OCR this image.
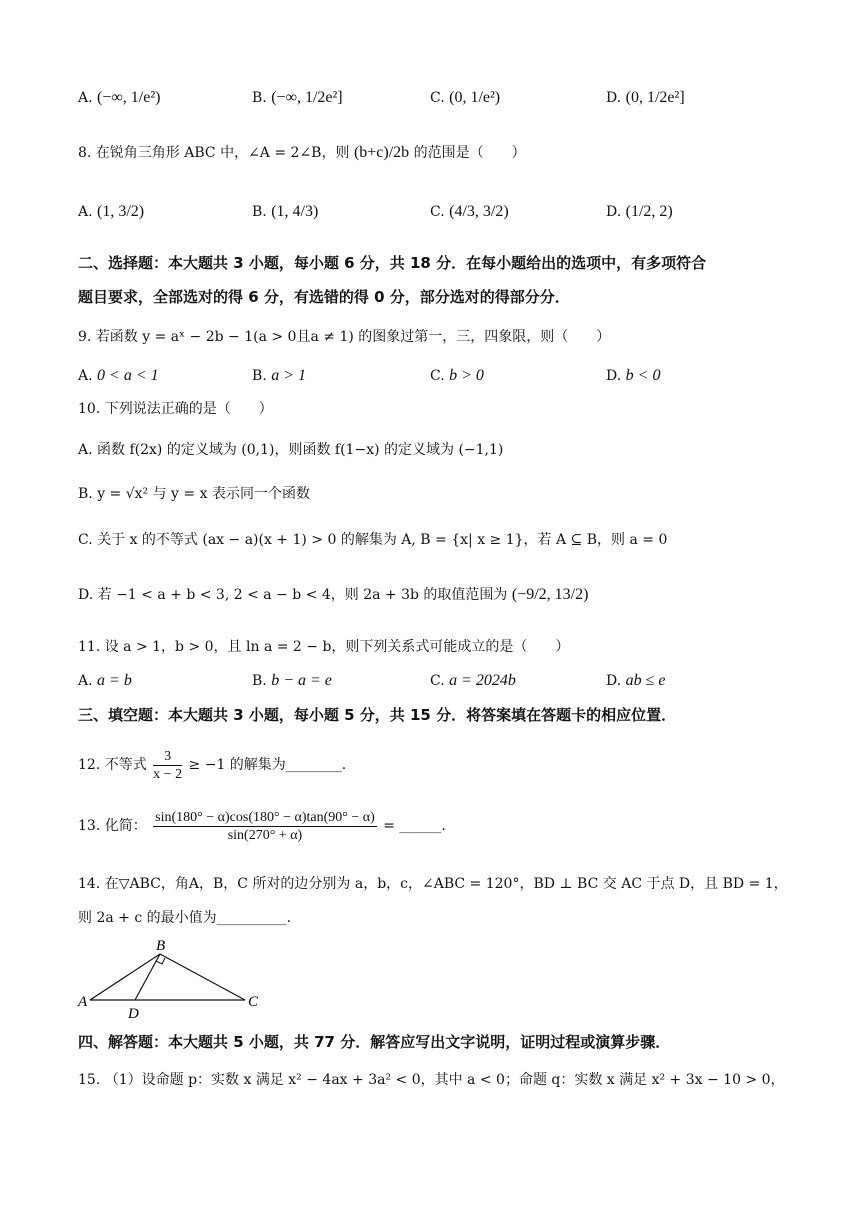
A. (−∞, 1/e²)	B. (−∞, 1/2e²]	C. (0, 1/e²)	D. (0, 1/2e²]
8. 在锐角三角形 ABC 中，∠A = 2∠B，则 (b+c)/2b 的范围是（　　）
A. (1, 3/2)	B. (1, 4/3)	C. (4/3, 3/2)	D. (1/2, 2)
二、选择题：本大题共 3 小题，每小题 6 分，共 18 分．在每小题给出的选项中，有多项符合
题目要求，全部选对的得 6 分，有选错的得 0 分，部分选对的得部分分．
9. 若函数 y = aˣ − 2b − 1(a > 0且a ≠ 1) 的图象过第一，三，四象限，则（　　）
A. 0 < a < 1	B. a > 1	C. b > 0	D. b < 0
10. 下列说法正确的是（　　）
A. 函数 f(2x) 的定义域为 (0,1)，则函数 f(1−x) 的定义域为 (−1,1)
B. y = √x² 与 y = x 表示同一个函数
C. 关于 x 的不等式 (ax − a)(x + 1) > 0 的解集为 A, B = {x| x ≥ 1}，若 A ⊆ B，则 a = 0
D. 若 −1 < a + b < 3, 2 < a − b < 4，则 2a + 3b 的取值范围为 (−9/2, 13/2)
11. 设 a > 1，b > 0，且 ln a = 2 − b，则下列关系式可能成立的是（　　）
A. a = b	B. b − a = e	C. a = 2024b	D. ab ≤ e
三、填空题：本大题共 3 小题，每小题 5 分，共 15 分．将答案填在答题卡的相应位置．
12. 不等式 $\frac{3}{x - 2} \ge -1$ 的解集为________.
13. 化简： $\frac{\sin(180^\circ - \alpha)\cos(180^\circ - \alpha)\tan(90^\circ - \alpha)}{\sin(270^\circ + \alpha)}$ = ______.
14. 在▽ABC，角A，B，C 所对的边分别为 a，b，c，∠ABC = 120°，BD ⊥ BC 交 AC 于点 D，且 BD = 1，
则 2a + c 的最小值为__________.
B
A	C
D
四、解答题：本大题共 5 小题，共 77 分．解答应写出文字说明，证明过程或演算步骤．
15. （1）设命题 p：实数 x 满足 x² − 4ax + 3a² < 0，其中 a < 0；命题 q：实数 x 满足 x² + 3x − 10 > 0，
